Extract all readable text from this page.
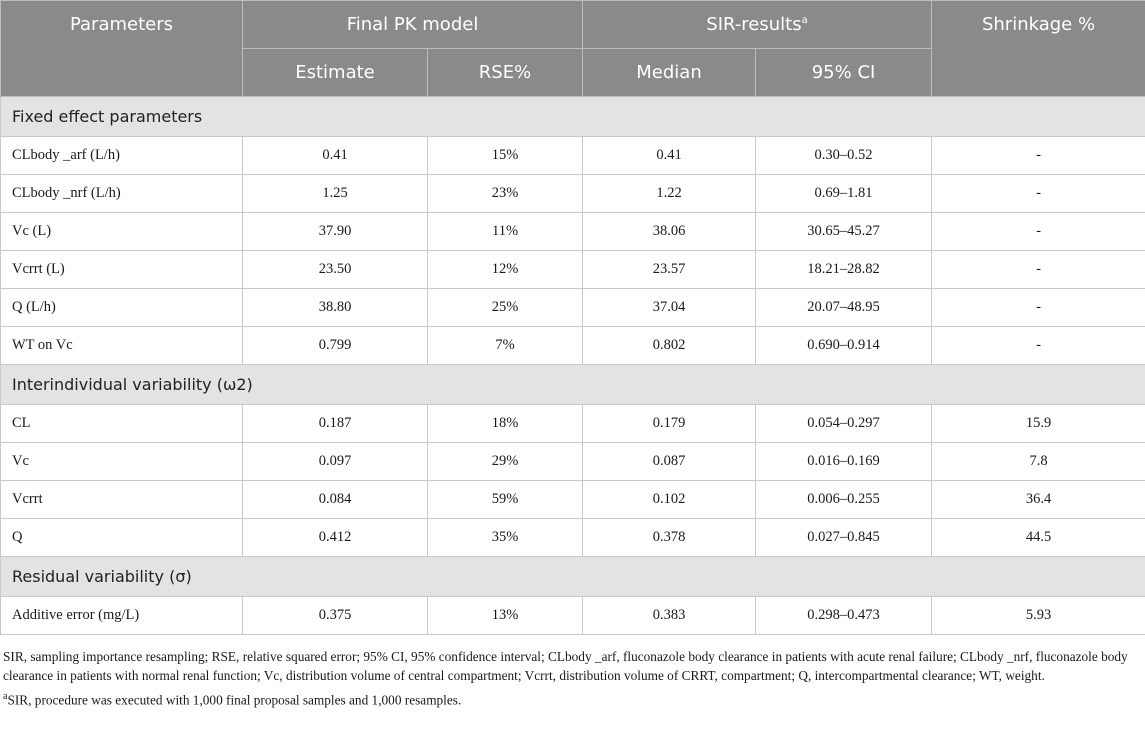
Parameters	Final PK model		SIR-results$^a$		Shrinkage %
	Estimate	RSE%	Median	95% CI	
Fixed effect parameters					
CLbody _arf (L/h)	0.41	15%	0.41	0.30–0.52	-
CLbody _nrf (L/h)	1.25	23%	1.22	0.69–1.81	-
Vc (L)	37.90	11%	38.06	30.65–45.27	-
Vcrrt (L)	23.50	12%	23.57	18.21–28.82	-
Q (L/h)	38.80	25%	37.04	20.07–48.95	-
WT on Vc	0.799	7%	0.802	0.690–0.914	-
Interindividual variability (ω2)					
CL	0.187	18%	0.179	0.054–0.297	15.9
Vc	0.097	29%	0.087	0.016–0.169	7.8
Vcrrt	0.084	59%	0.102	0.006–0.255	36.4
Q	0.412	35%	0.378	0.027–0.845	44.5
Residual variability (σ)					
Additive error (mg/L)	0.375	13%	0.383	0.298–0.473	5.93

SIR, sampling importance resampling; RSE, relative squared error; 95% CI, 95% confidence interval; CLbody _arf, fluconazole body clearance in patients with acute renal failure; CLbody _nrf, fluconazole body clearance in patients with normal renal function; Vc, distribution volume of central compartment; Vcrrt, distribution volume of CRRT, compartment; Q, intercompartmental clearance; WT, weight.

$^a$SIR, procedure was executed with 1,000 final proposal samples and 1,000 resamples.
